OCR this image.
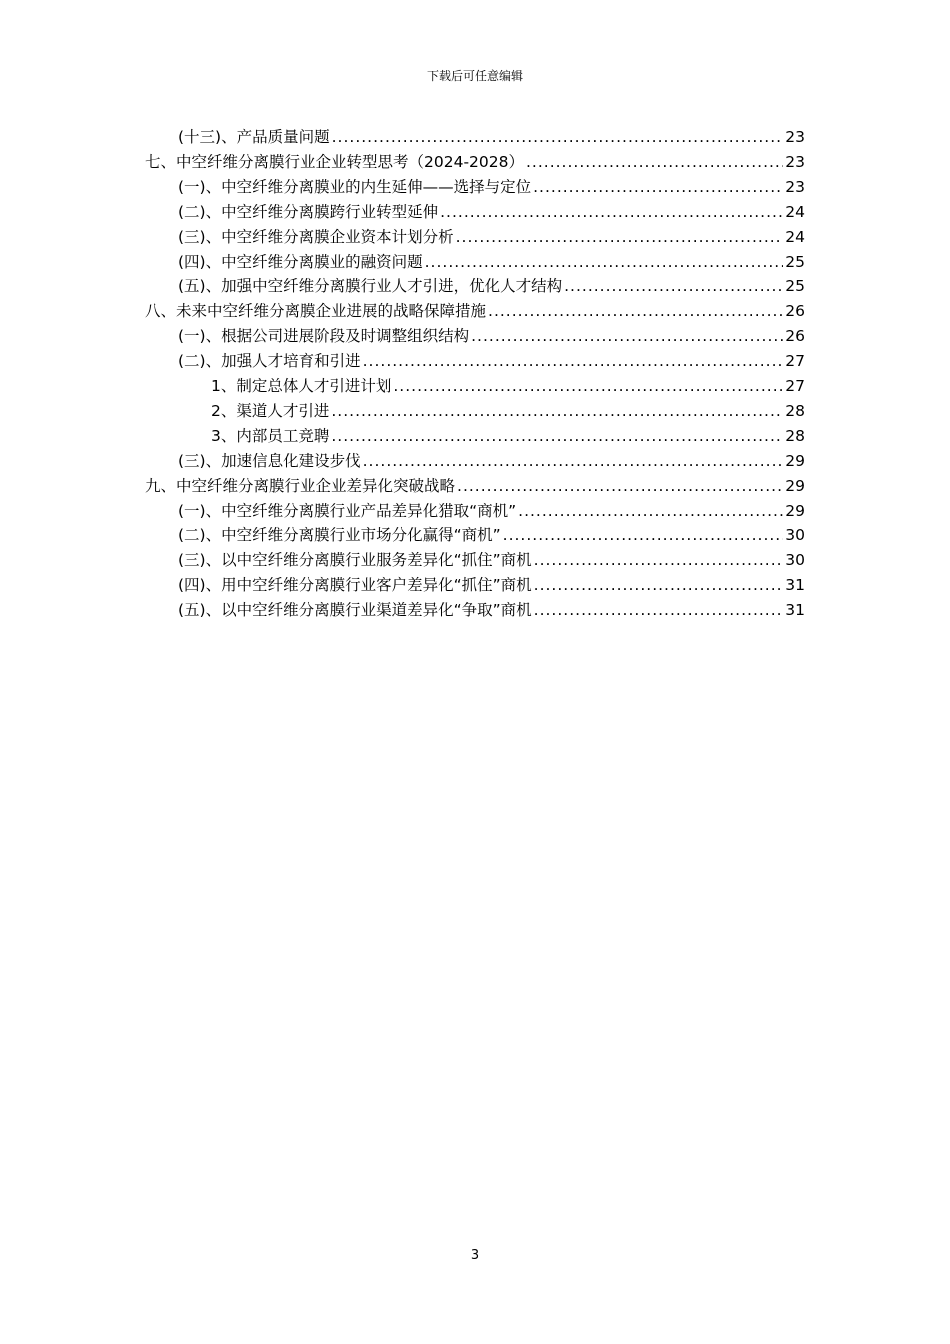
下载后可任意编辑
(十三)、产品质量问题 .....	23
七、中空纤维分离膜行业企业转型思考（2024-2028） .....	23
(一)、中空纤维分离膜业的内生延伸——选择与定位 .....	23
(二)、中空纤维分离膜跨行业转型延伸 .....	24
(三)、中空纤维分离膜企业资本计划分析 .....	24
(四)、中空纤维分离膜业的融资问题 .....	25
(五)、加强中空纤维分离膜行业人才引进，优化人才结构 .....	25
八、未来中空纤维分离膜企业进展的战略保障措施 .....	26
(一)、根据公司进展阶段及时调整组织结构 .....	26
(二)、加强人才培育和引进 .....	27
1、制定总体人才引进计划 .....	27
2、渠道人才引进 .....	28
3、内部员工竞聘 .....	28
(三)、加速信息化建设步伐 .....	29
九、中空纤维分离膜行业企业差异化突破战略 .....	29
(一)、中空纤维分离膜行业产品差异化猎取“商机” .....	29
(二)、中空纤维分离膜行业市场分化赢得“商机” .....	30
(三)、以中空纤维分离膜行业服务差异化“抓住”商机 .....	30
(四)、用中空纤维分离膜行业客户差异化“抓住”商机 .....	31
(五)、以中空纤维分离膜行业渠道差异化“争取”商机 .....	31
3
